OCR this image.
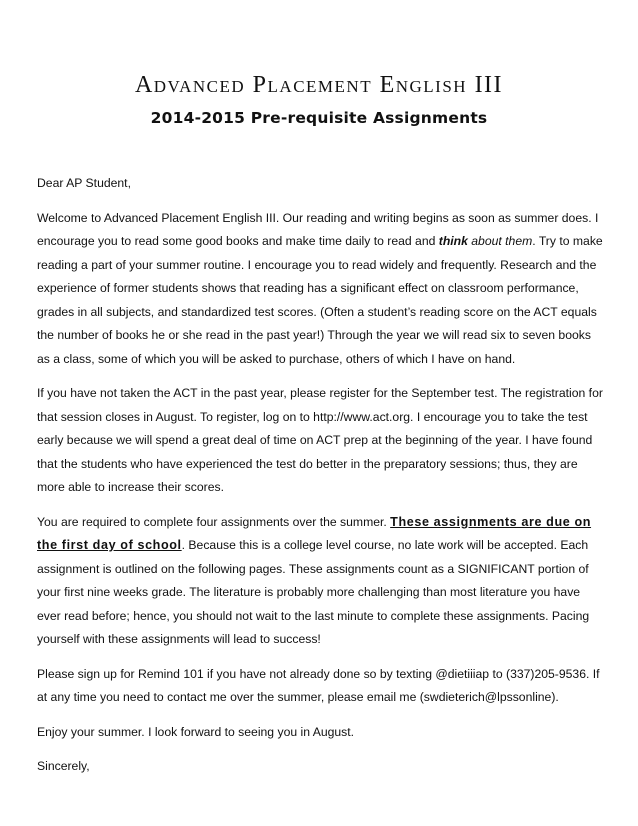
Advanced Placement English III
2014-2015 Pre-requisite Assignments

Dear AP Student,

Welcome to Advanced Placement English III. Our reading and writing begins as soon as summer does. I encourage you to read some good books and make time daily to read and think about them. Try to make reading a part of your summer routine. I encourage you to read widely and frequently. Research and the experience of former students shows that reading has a significant effect on classroom performance, grades in all subjects, and standardized test scores. (Often a student’s reading score on the ACT equals the number of books he or she read in the past year!) Through the year we will read six to seven books as a class, some of which you will be asked to purchase, others of which I have on hand.

If you have not taken the ACT in the past year, please register for the September test. The registration for that session closes in August. To register, log on to http://www.act.org. I encourage you to take the test early because we will spend a great deal of time on ACT prep at the beginning of the year. I have found that the students who have experienced the test do better in the preparatory sessions; thus, they are more able to increase their scores.

You are required to complete four assignments over the summer. These assignments are due on the first day of school. Because this is a college level course, no late work will be accepted. Each assignment is outlined on the following pages. These assignments count as a SIGNIFICANT portion of your first nine weeks grade. The literature is probably more challenging than most literature you have ever read before; hence, you should not wait to the last minute to complete these assignments. Pacing yourself with these assignments will lead to success!

Please sign up for Remind 101 if you have not already done so by texting @dietiiiap to (337)205-9536. If at any time you need to contact me over the summer, please email me (swdieterich@lpssonline).

Enjoy your summer. I look forward to seeing you in August.

Sincerely,
